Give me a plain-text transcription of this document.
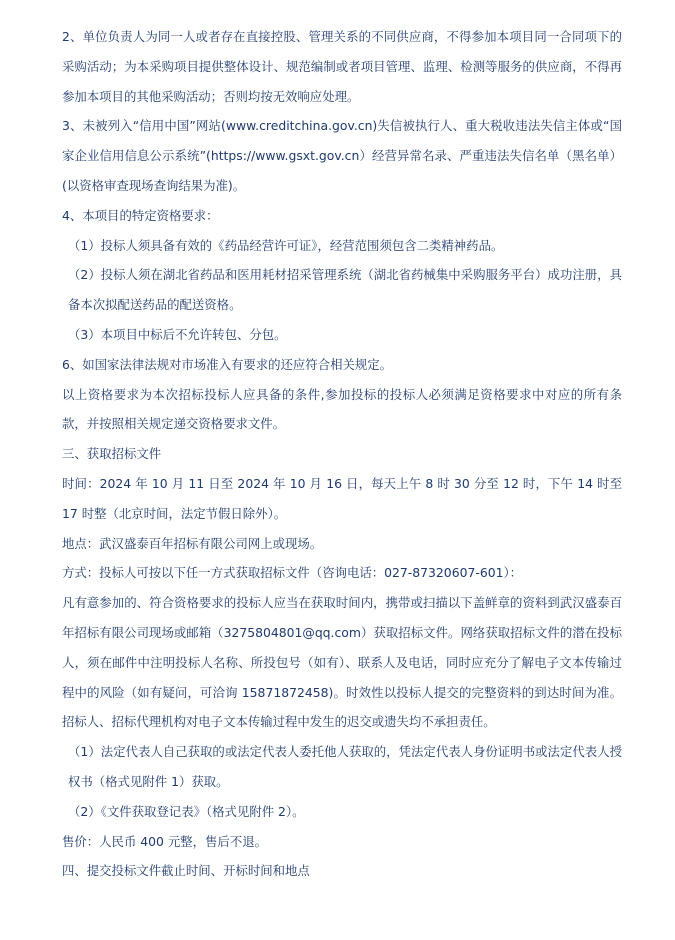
2、单位负责人为同一人或者存在直接控股、管理关系的不同供应商，不得参加本项目同一合同项下的采购活动；为本采购项目提供整体设计、规范编制或者项目管理、监理、检测等服务的供应商，不得再参加本项目的其他采购活动；否则均按无效响应处理。

3、未被列入“信用中国”网站(www.creditchina.gov.cn)失信被执行人、重大税收违法失信主体或“国家企业信用信息公示系统”(https://www.gsxt.gov.cn）经营异常名录、严重违法失信名单（黑名单）(以资格审查现场查询结果为准)。

4、本项目的特定资格要求：

（1）投标人须具备有效的《药品经营许可证》，经营范围须包含二类精神药品。

（2）投标人须在湖北省药品和医用耗材招采管理系统（湖北省药械集中采购服务平台）成功注册，具备本次拟配送药品的配送资格。

（3）本项目中标后不允许转包、分包。

6、如国家法律法规对市场准入有要求的还应符合相关规定。

以上资格要求为本次招标投标人应具备的条件,参加投标的投标人必须满足资格要求中对应的所有条款，并按照相关规定递交资格要求文件。

三、获取招标文件

时间：2024 年 10 月 11 日至 2024 年 10 月 16 日，每天上午 8 时 30 分至 12 时，下午 14 时至 17 时整（北京时间，法定节假日除外）。

地点：武汉盛泰百年招标有限公司网上或现场。

方式：投标人可按以下任一方式获取招标文件（咨询电话：027-87320607-601）：

凡有意参加的、符合资格要求的投标人应当在获取时间内，携带或扫描以下盖鲜章的资料到武汉盛泰百年招标有限公司现场或邮箱（3275804801@qq.com）获取招标文件。网络获取招标文件的潜在投标人，须在邮件中注明投标人名称、所投包号（如有）、联系人及电话，同时应充分了解电子文本传输过程中的风险（如有疑问，可洽询 15871872458)。时效性以投标人提交的完整资料的到达时间为准。招标人、招标代理机构对电子文本传输过程中发生的迟交或遗失均不承担责任。

（1）法定代表人自己获取的或法定代表人委托他人获取的，凭法定代表人身份证明书或法定代表人授权书（格式见附件 1）获取。

（2）《文件获取登记表》（格式见附件 2）。

售价：人民币 400 元整，售后不退。

四、提交投标文件截止时间、开标时间和地点
